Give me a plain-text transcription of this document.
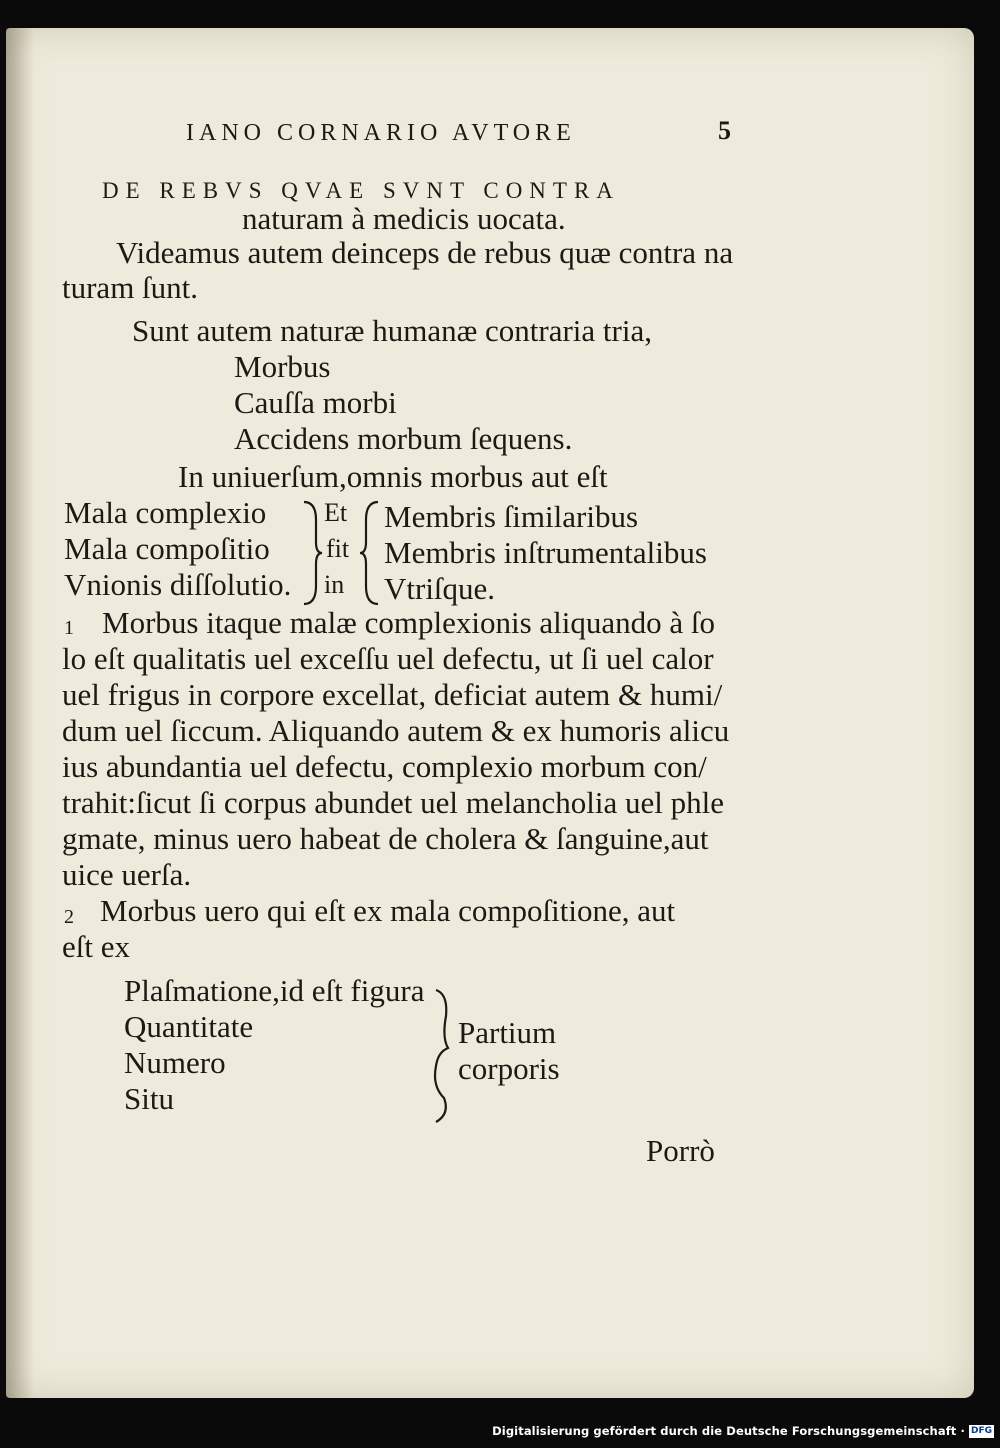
IANO CORNARIO AVTORE	5
DE REBVS QVAE SVNT CONTRA
naturam à medicis uocata.
Videamus autem deinceps de rebus quæ contra na
turam ſunt.
Sunt autem naturæ humanæ contraria tria,
Morbus
Cauſſa morbi
Accidens morbum ſequens.
In uniuerſum,omnis morbus aut eſt
Mala complexio
Mala compoſitio
Vnionis diſſolutio.
Et
fit
in
Membris ſimilaribus
Membris inſtrumentalibus
Vtriſque.
1 Morbus itaque malæ complexionis aliquando à ſo
lo eſt qualitatis uel exceſſu uel defectu, ut ſi uel calor
uel frigus in corpore excellat, deficiat autem & humi/
dum uel ſiccum. Aliquando autem & ex humoris alicu
ius abundantia uel defectu, complexio morbum con/
trahit:ſicut ſi corpus abundet uel melancholia uel phle
gmate, minus uero habeat de cholera & ſanguine,aut
uice uerſa.
2 Morbus uero qui eſt ex mala compoſitione, aut
eſt ex
Plaſmatione,id eſt figura
Quantitate
Numero
Situ
Partium
corporis
Porrò
Digitalisierung gefördert durch die Deutsche Forschungsgemeinschaft · DFG
